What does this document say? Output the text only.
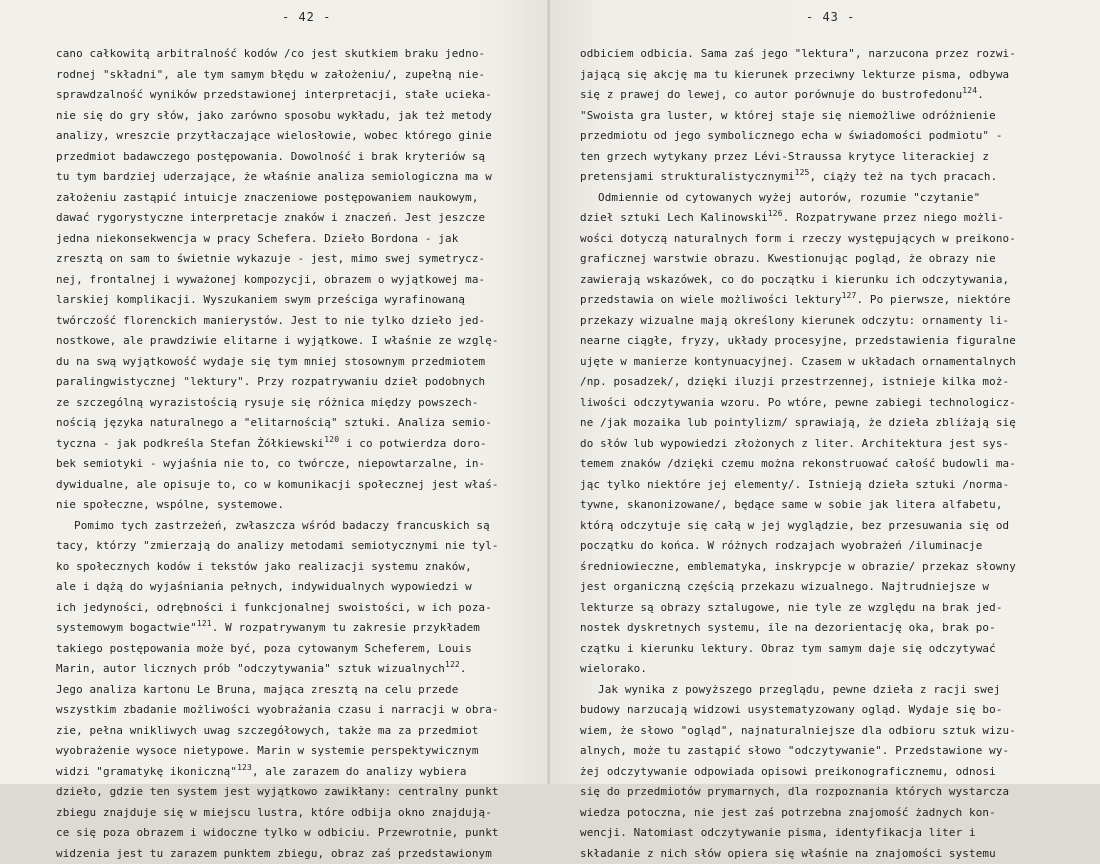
- 42 -
cano całkowitą arbitralność kodów /co jest skutkiem braku jedno-
rodnej "składni", ale tym samym błędu w założeniu/, zupełną nie-
sprawdzalność wyników przedstawionej interpretacji, stałe ucieka-
nie się do gry słów, jako zarówno sposobu wykładu, jak też metody
analizy, wreszcie przytłaczające wielosłowie, wobec którego ginie
przedmiot badawczego postępowania. Dowolność i brak kryteriów są
tu tym bardziej uderzające, że właśnie analiza semiologiczna ma w
założeniu zastąpić intuicje znaczeniowe postępowaniem naukowym,
dawać rygorystyczne interpretacje znaków i znaczeń. Jest jeszcze
jedna niekonsekwencja w pracy Schefera. Dzieło Bordona - jak
zresztą on sam to świetnie wykazuje - jest, mimo swej symetrycz-
nej, frontalnej i wyważonej kompozycji, obrazem o wyjątkowej ma-
larskiej komplikacji. Wyszukaniem swym prześciga wyrafinowaną
twórczość florenckich manierystów. Jest to nie tylko dzieło jed-
nostkowe, ale prawdziwie elitarne i wyjątkowe. I właśnie ze wzglę-
du na swą wyjątkowość wydaje się tym mniej stosownym przedmiotem
paralingwistycznej "lektury". Przy rozpatrywaniu dzieł podobnych
ze szczególną wyrazistością rysuje się różnica między powszech-
nością języka naturalnego a "elitarnością" sztuki. Analiza semio-
tyczna - jak podkreśla Stefan Żółkiewski$^{120}$ i co potwierdza doro-
bek semiotyki - wyjaśnia nie to, co twórcze, niepowtarzalne, in-
dywidualne, ale opisuje to, co w komunikacji społecznej jest właś-
nie społeczne, wspólne, systemowe.
Pomimo tych zastrzeżeń, zwłaszcza wśród badaczy francuskich są
tacy, którzy "zmierzają do analizy metodami semiotycznymi nie tyl-
ko społecznych kodów i tekstów jako realizacji systemu znaków,
ale i dążą do wyjaśniania pełnych, indywidualnych wypowiedzi w
ich jedyności, odrębności i funkcjonalnej swoistości, w ich poza-
systemowym bogactwie"$^{121}$. W rozpatrywanym tu zakresie przykładem
takiego postępowania może być, poza cytowanym Scheferem, Louis
Marin, autor licznych prób "odczytywania" sztuk wizualnych$^{122}$.
Jego analiza kartonu Le Bruna, mająca zresztą na celu przede
wszystkim zbadanie możliwości wyobrażania czasu i narracji w obra-
zie, pełna wnikliwych uwag szczegółowych, także ma za przedmiot
wyobrażenie wysoce nietypowe. Marin w systemie perspektywicznym
widzi "gramatykę ikoniczną"$^{123}$, ale zarazem do analizy wybiera
dzieło, gdzie ten system jest wyjątkowo zawikłany: centralny punkt
zbiegu znajduje się w miejscu lustra, które odbija okno znajdują-
ce się poza obrazem i widoczne tylko w odbiciu. Przewrotnie, punkt
widzenia jest tu zarazem punktem zbiegu, obraz zaś przedstawionym
- 43 -
odbiciem odbicia. Sama zaś jego "lektura", narzucona przez rozwi-
jającą się akcję ma tu kierunek przeciwny lekturze pisma, odbywa
się z prawej do lewej, co autor porównuje do bustrofedonu$^{124}$.
"Swoista gra luster, w której staje się niemożliwe odróżnienie
przedmiotu od jego symbolicznego echa w świadomości podmiotu" -
ten grzech wytykany przez Lévi-Straussa krytyce literackiej z
pretensjami strukturalistycznymi$^{125}$, ciąży też na tych pracach.
Odmiennie od cytowanych wyżej autorów, rozumie "czytanie"
dzieł sztuki Lech Kalinowski$^{126}$. Rozpatrywane przez niego możli-
wości dotyczą naturalnych form i rzeczy występujących w preikono-
graficznej warstwie obrazu. Kwestionując pogląd, że obrazy nie
zawierają wskazówek, co do początku i kierunku ich odczytywania,
przedstawia on wiele możliwości lektury$^{127}$. Po pierwsze, niektóre
przekazy wizualne mają określony kierunek odczytu: ornamenty li-
nearne ciągłe, fryzy, układy procesyjne, przedstawienia figuralne
ujęte w manierze kontynuacyjnej. Czasem w układach ornamentalnych
/np. posadzek/, dzięki iluzji przestrzennej, istnieje kilka moż-
liwości odczytywania wzoru. Po wtóre, pewne zabiegi technologicz-
ne /jak mozaika lub pointylizm/ sprawiają, że dzieła zbliżają się
do słów lub wypowiedzi złożonych z liter. Architektura jest sys-
temem znaków /dzięki czemu można rekonstruować całość budowli ma-
jąc tylko niektóre jej elementy/. Istnieją dzieła sztuki /norma-
tywne, skanonizowane/, będące same w sobie jak litera alfabetu,
którą odczytuje się całą w jej wyglądzie, bez przesuwania się od
początku do końca. W różnych rodzajach wyobrażeń /iluminacje
średniowieczne, emblematyka, inskrypcje w obrazie/ przekaz słowny
jest organiczną częścią przekazu wizualnego. Najtrudniejsze w
lekturze są obrazy sztalugowe, nie tyle ze względu na brak jed-
nostek dyskretnych systemu, ile na dezorientację oka, brak po-
czątku i kierunku lektury. Obraz tym samym daje się odczytywać
wielorako.
Jak wynika z powyższego przeglądu, pewne dzieła z racji swej
budowy narzucają widzowi usystematyzowany ogląd. Wydaje się bo-
wiem, że słowo "ogląd", najnaturalniejsze dla odbioru sztuk wizu-
alnych, może tu zastąpić słowo "odczytywanie". Przedstawione wy-
żej odczytywanie odpowiada opisowi preikonograficznemu, odnosi
się do przedmiotów prymarnych, dla rozpoznania których wystarcza
wiedza potoczna, nie jest zaś potrzebna znajomość żadnych kon-
wencji. Natomiast odczytywanie pisma, identyfikacja liter i
składanie z nich słów opiera się właśnie na znajomości systemu
